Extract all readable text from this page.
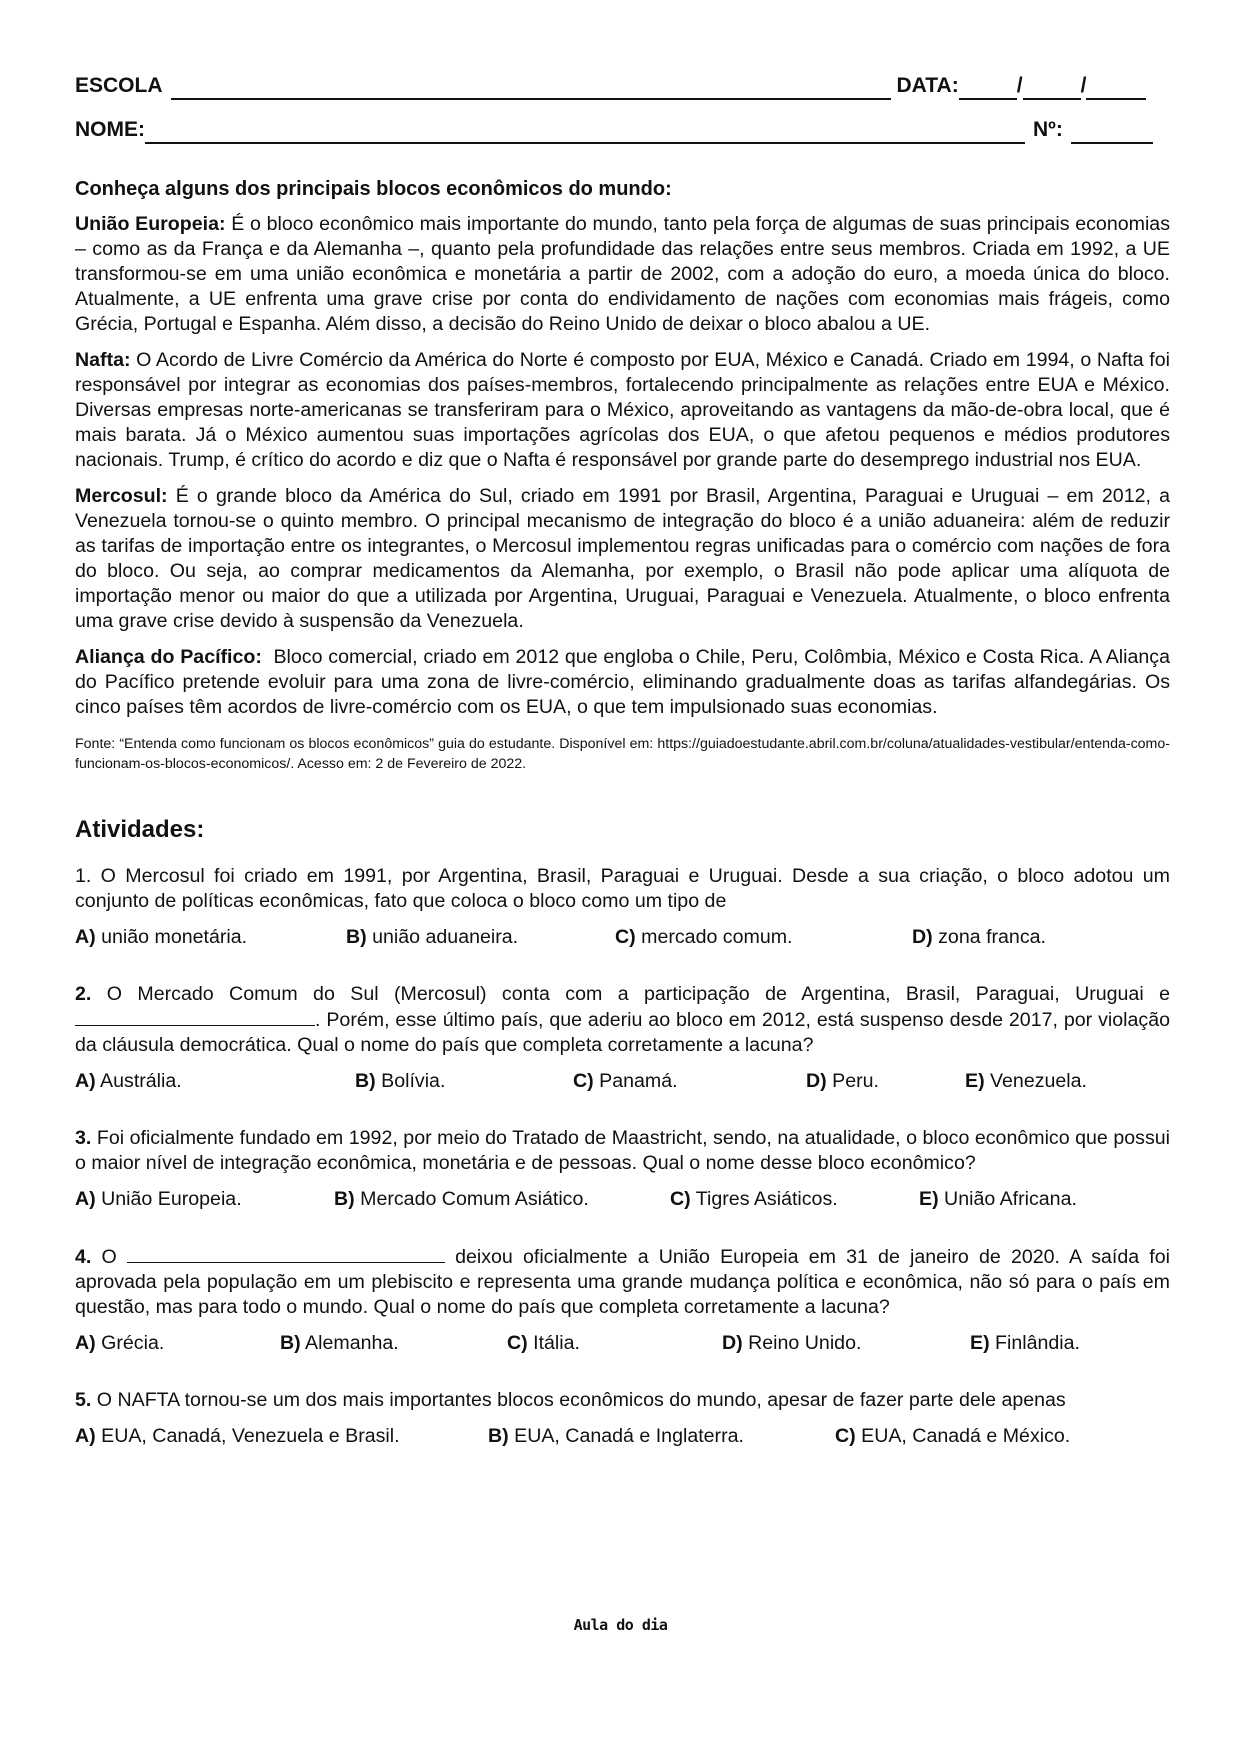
ESCOLA	DATA:	/	/
NOME:	Nº:
Conheça alguns dos principais blocos econômicos do mundo:
União Europeia: É o bloco econômico mais importante do mundo, tanto pela força de algumas de suas principais economias – como as da França e da Alemanha –, quanto pela profundidade das relações entre seus membros. Criada em 1992, a UE transformou-se em uma união econômica e monetária a partir de 2002, com a adoção do euro, a moeda única do bloco. Atualmente, a UE enfrenta uma grave crise por conta do endividamento de nações com economias mais frágeis, como Grécia, Portugal e Espanha. Além disso, a decisão do Reino Unido de deixar o bloco abalou a UE.
Nafta: O Acordo de Livre Comércio da América do Norte é composto por EUA, México e Canadá. Criado em 1994, o Nafta foi responsável por integrar as economias dos países-membros, fortalecendo principalmente as relações entre EUA e México. Diversas empresas norte-americanas se transferiram para o México, aproveitando as vantagens da mão-de-obra local, que é mais barata. Já o México aumentou suas importações agrícolas dos EUA, o que afetou pequenos e médios produtores nacionais. Trump, é crítico do acordo e diz que o Nafta é responsável por grande parte do desemprego industrial nos EUA.
Mercosul: É o grande bloco da América do Sul, criado em 1991 por Brasil, Argentina, Paraguai e Uruguai – em 2012, a Venezuela tornou-se o quinto membro. O principal mecanismo de integração do bloco é a união aduaneira: além de reduzir as tarifas de importação entre os integrantes, o Mercosul implementou regras unificadas para o comércio com nações de fora do bloco. Ou seja, ao comprar medicamentos da Alemanha, por exemplo, o Brasil não pode aplicar uma alíquota de importação menor ou maior do que a utilizada por Argentina, Uruguai, Paraguai e Venezuela. Atualmente, o bloco enfrenta uma grave crise devido à suspensão da Venezuela.
Aliança do Pacífico:  Bloco comercial, criado em 2012 que engloba o Chile, Peru, Colômbia, México e Costa Rica. A Aliança do Pacífico pretende evoluir para uma zona de livre-comércio, eliminando gradualmente doas as tarifas alfandegárias. Os cinco países têm acordos de livre-comércio com os EUA, o que tem impulsionado suas economias.
Fonte: “Entenda como funcionam os blocos econômicos” guia do estudante. Disponível em: https://guiadoestudante.abril.com.br/coluna/atualidades-vestibular/entenda-como-funcionam-os-blocos-economicos/. Acesso em: 2 de Fevereiro de 2022.
Atividades:
1. O Mercosul foi criado em 1991, por Argentina, Brasil, Paraguai e Uruguai. Desde a sua criação, o bloco adotou um conjunto de políticas econômicas, fato que coloca o bloco como um tipo de
A) união monetária.	B) união aduaneira.	C) mercado comum.	D) zona franca.
2. O Mercado Comum do Sul (Mercosul) conta com a participação de Argentina, Brasil, Paraguai, Uruguai e . Porém, esse último país, que aderiu ao bloco em 2012, está suspenso desde 2017, por violação da cláusula democrática. Qual o nome do país que completa corretamente a lacuna?
A) Austrália.	B) Bolívia.	C) Panamá.	D) Peru.	E) Venezuela.
3. Foi oficialmente fundado em 1992, por meio do Tratado de Maastricht, sendo, na atualidade, o bloco econômico que possui o maior nível de integração econômica, monetária e de pessoas. Qual o nome desse bloco econômico?
A) União Europeia.	B) Mercado Comum Asiático.	C) Tigres Asiáticos.	E) União Africana.
4. O	deixou oficialmente a União Europeia em 31 de janeiro de 2020. A saída foi aprovada pela população em um plebiscito e representa uma grande mudança política e econômica, não só para o país em questão, mas para todo o mundo. Qual o nome do país que completa corretamente a lacuna?
A) Grécia.	B) Alemanha.	C) Itália.	D) Reino Unido.	E) Finlândia.
5. O NAFTA tornou-se um dos mais importantes blocos econômicos do mundo, apesar de fazer parte dele apenas
A) EUA, Canadá, Venezuela e Brasil.	B) EUA, Canadá e Inglaterra.	C) EUA, Canadá e México.
Aula do dia
